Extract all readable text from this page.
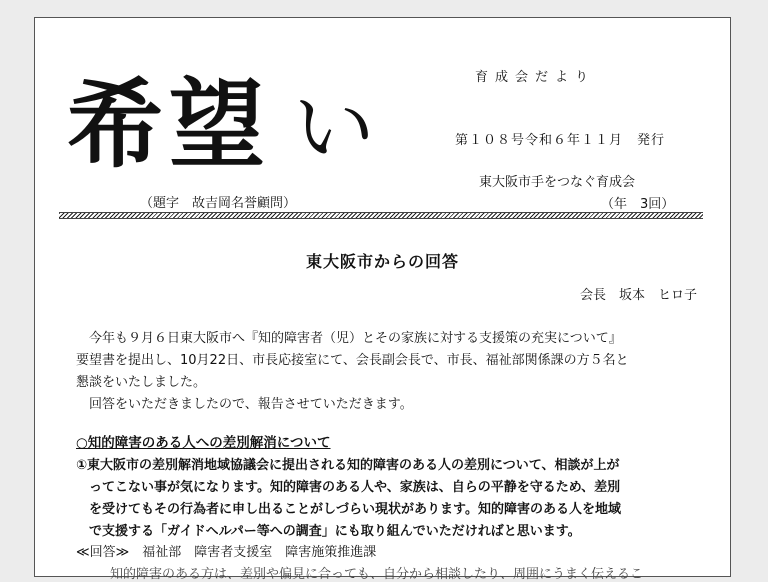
希望 い
（題字　故吉岡名誉顧問）
育成会だより
第１０８号令和６年１１月　発行
東大阪市手をつなぐ育成会
（年　3回）
東大阪市からの回答
会長　坂本　ヒロ子
　今年も９月６日東大阪市へ『知的障害者（児）とその家族に対する支援策の充実について』
要望書を提出し、10月22日、市長応接室にて、会長副会長で、市長、福祉部関係課の方５名と
懇談をいたしました。
　回答をいただきましたので、報告させていただきます。
○知的障害のある人への差別解消について
①東大阪市の差別解消地域協議会に提出される知的障害のある人の差別について、相談が上が
　ってこない事が気になります。知的障害のある人や、家族は、自らの平静を守るため、差別
　を受けてもその行為者に申し出ることがしづらい現状があります。知的障害のある人を地域
　で支援する「ガイドヘルパー等への調査」にも取り組んでいただければと思います。
≪回答≫　福祉部　障害者支援室　障害施策推進課
　知的障害のある方は、差別や偏見に合っても、自分から相談したり、周囲にうまく伝えるこ
